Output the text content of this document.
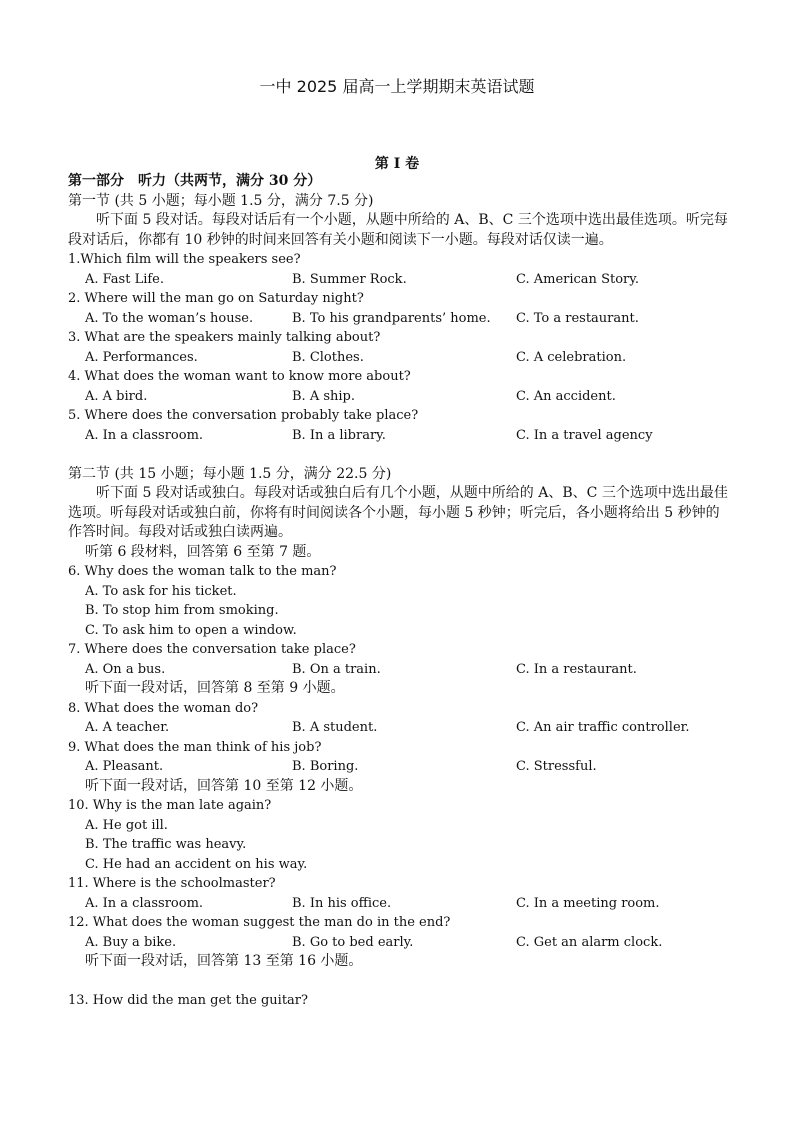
一中 2025 届高一上学期期末英语试题
第 I 卷
第一部分　听力（共两节，满分 30 分）
第一节 (共 5 小题；每小题 1.5 分，满分 7.5 分)

听下面 5 段对话。每段对话后有一个小题，从题中所给的 A、B、C 三个选项中选出最佳选项。听完每段对话后，你都有 10 秒钟的时间来回答有关小题和阅读下一小题。每段对话仅读一遍。

1.Which film will the speakers see?
A. Fast Life.	B. Summer Rock.	C. American Story.
2. Where will the man go on Saturday night?
A. To the woman’s house.	B. To his grandparents’ home. C. To a restaurant.
3. What are the speakers mainly talking about?
A. Performances.	B. Clothes.	C. A celebration.
4. What does the woman want to know more about?
A. A bird.	B. A ship.	C. An accident.
5. Where does the conversation probably take place?
A. In a classroom.	B. In a library.	C. In a travel agency
第二节 (共 15 小题；每小题 1.5 分，满分 22.5 分)

听下面 5 段对话或独白。每段对话或独白后有几个小题，从题中所给的 A、B、C 三个选项中选出最佳选项。听每段对话或独白前，你将有时间阅读各个小题，每小题 5 秒钟；听完后，各小题将给出 5 秒钟的作答时间。每段对话或独白读两遍。

听第 6 段材料，回答第 6 至第 7 题。
6. Why does the woman talk to the man?
A. To ask for his ticket.
B. To stop him from smoking.
C. To ask him to open a window.
7. Where does the conversation take place?
A. On a bus.	B. On a train.	C. In a restaurant.
听下面一段对话，回答第 8 至第 9 小题。
8. What does the woman do?
A. A teacher.	B. A student.	C. An air traffic controller.
9. What does the man think of his job?
A. Pleasant.	B. Boring.	C. Stressful.
听下面一段对话，回答第 10 至第 12 小题。
10. Why is the man late again?
A. He got ill.
B. The traffic was heavy.
C. He had an accident on his way.
11. Where is the schoolmaster?
A. In a classroom.	B. In his office.	C. In a meeting room.
12. What does the woman suggest the man do in the end?
A. Buy a bike.	B. Go to bed early.	C. Get an alarm clock.
听下面一段对话，回答第 13 至第 16 小题。
13. How did the man get the guitar?
